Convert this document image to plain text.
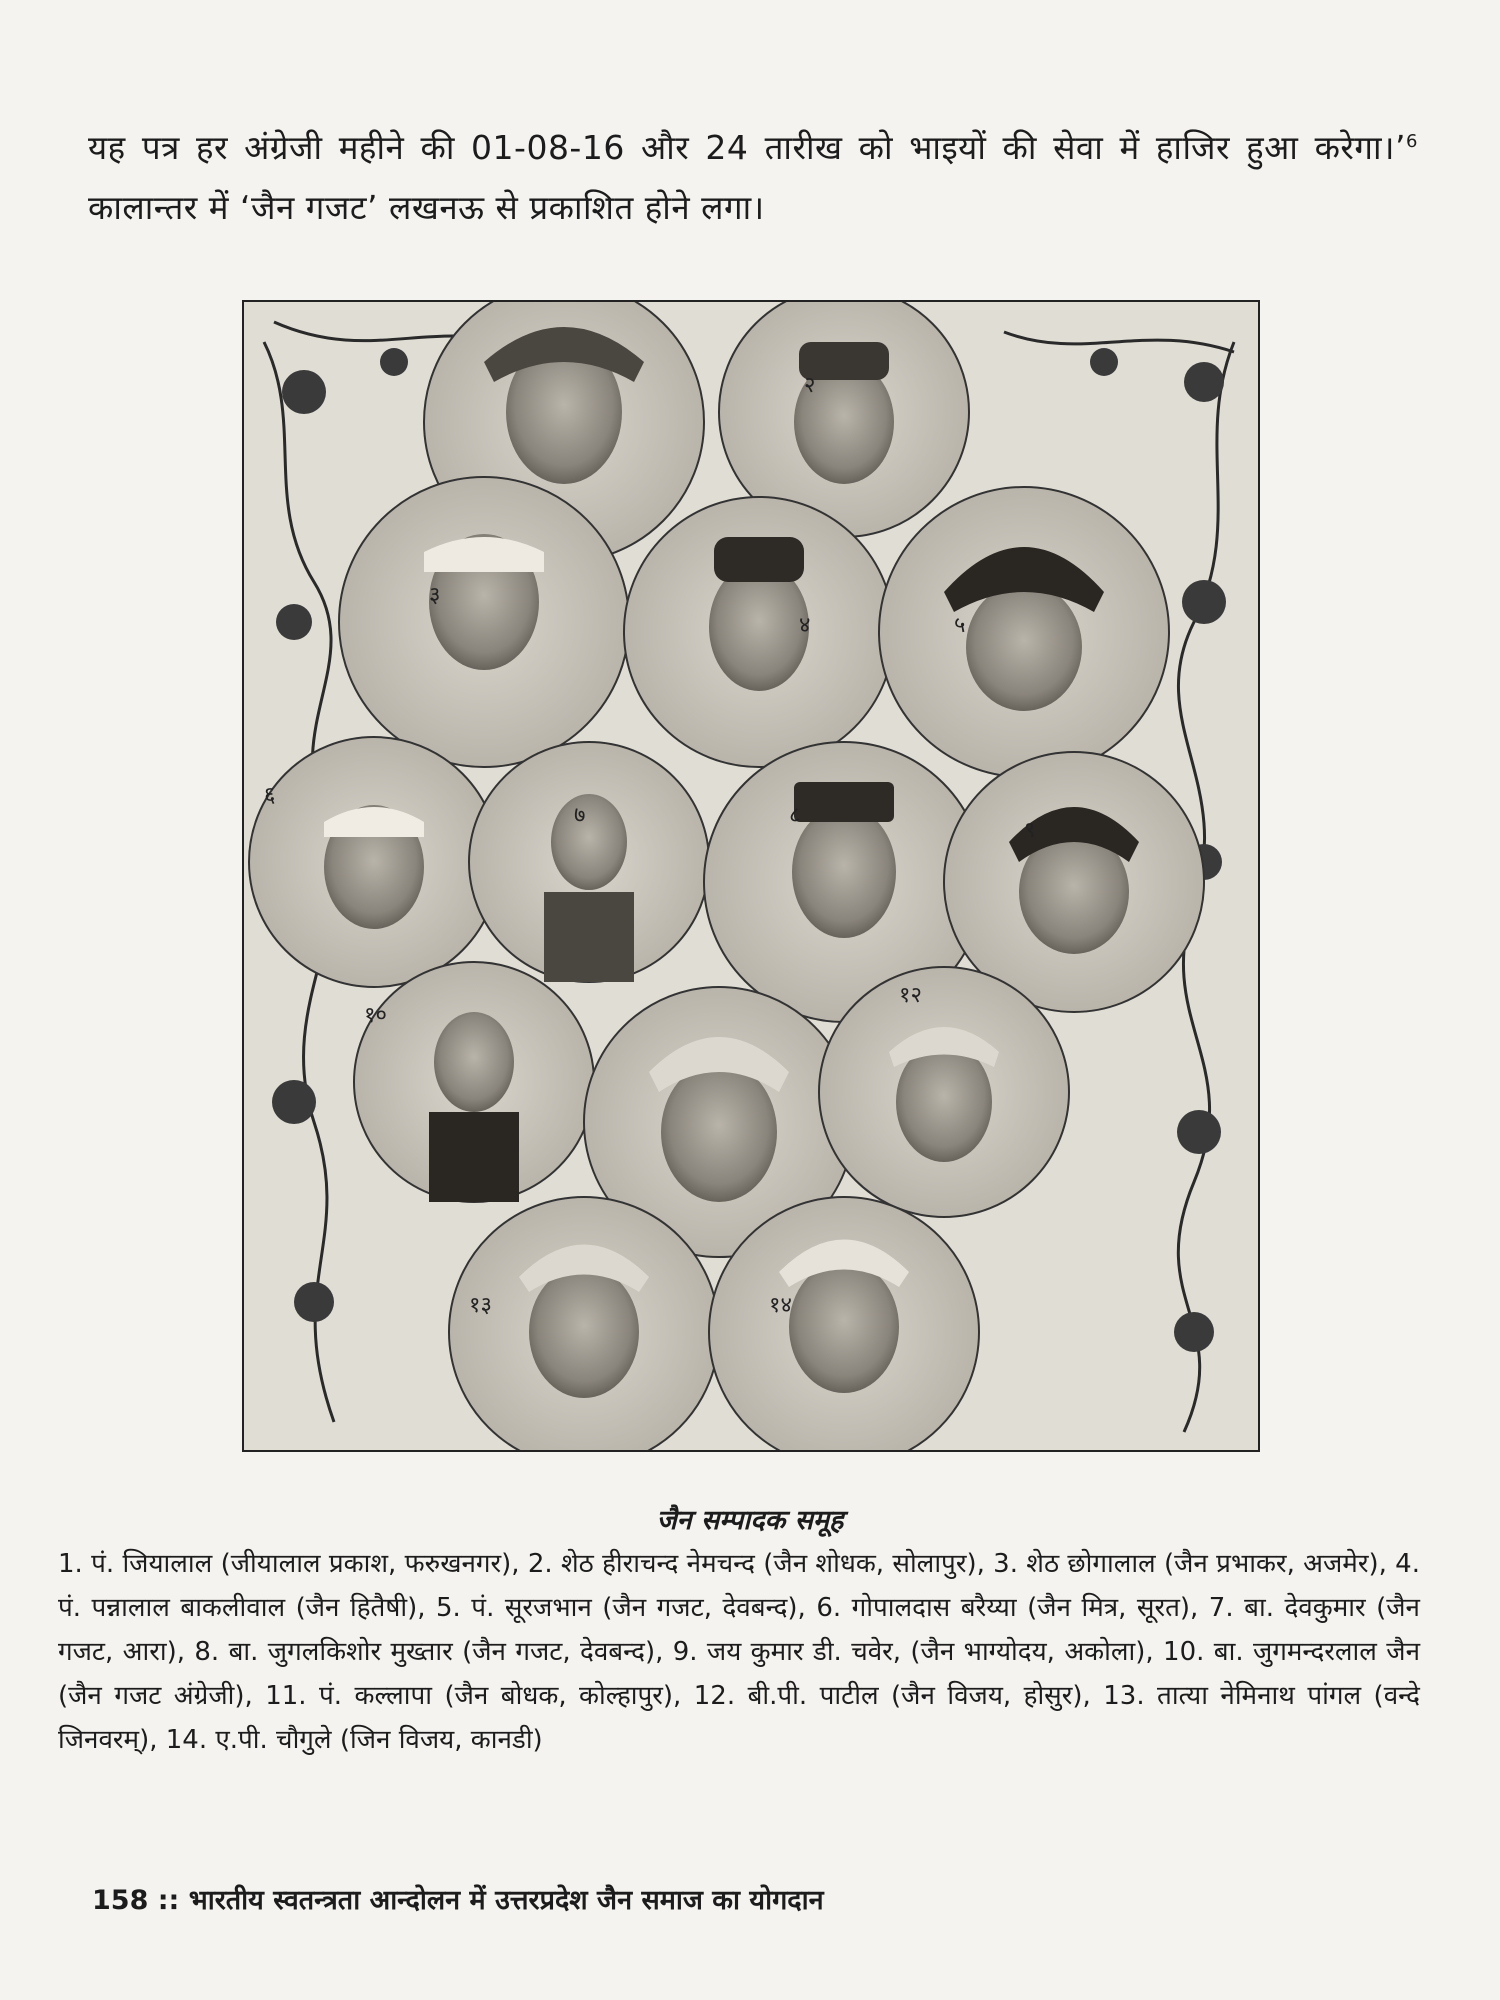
यह पत्र हर अंग्रेजी महीने की 01-08-16 और 24 तारीख को भाइयों की सेवा में हाजिर हुआ करेगा।’$^6$ कालान्तर में ‘जैन गजट’ लखनऊ से प्रकाशित होने लगा।
२
३
४	५
६
७	८
९
१०
१२
१३	१४
जैन सम्पादक समूह
1. पं. जियालाल (जीयालाल प्रकाश, फरुखनगर), 2. शेठ हीराचन्द नेमचन्द (जैन शोधक, सोलापुर), 3. शेठ छोगालाल (जैन प्रभाकर, अजमेर), 4. पं. पन्नालाल बाकलीवाल (जैन हितैषी), 5. पं. सूरजभान (जैन गजट, देवबन्द), 6. गोपालदास बरैय्या (जैन मित्र, सूरत), 7. बा. देवकुमार (जैन गजट, आरा), 8. बा. जुगलकिशोर मुख्तार (जैन गजट, देवबन्द), 9. जय कुमार डी. चवेर, (जैन भाग्योदय, अकोला), 10. बा. जुगमन्दरलाल जैन (जैन गजट अंग्रेजी), 11. पं. कल्लापा (जैन बोधक, कोल्हापुर), 12. बी.पी. पाटील (जैन विजय, होसुर), 13. तात्या नेमिनाथ पांगल (वन्दे जिनवरम्), 14. ए.पी. चौगुले (जिन विजय, कानडी)
158 :: भारतीय स्वतन्त्रता आन्दोलन में उत्तरप्रदेश जैन समाज का योगदान
